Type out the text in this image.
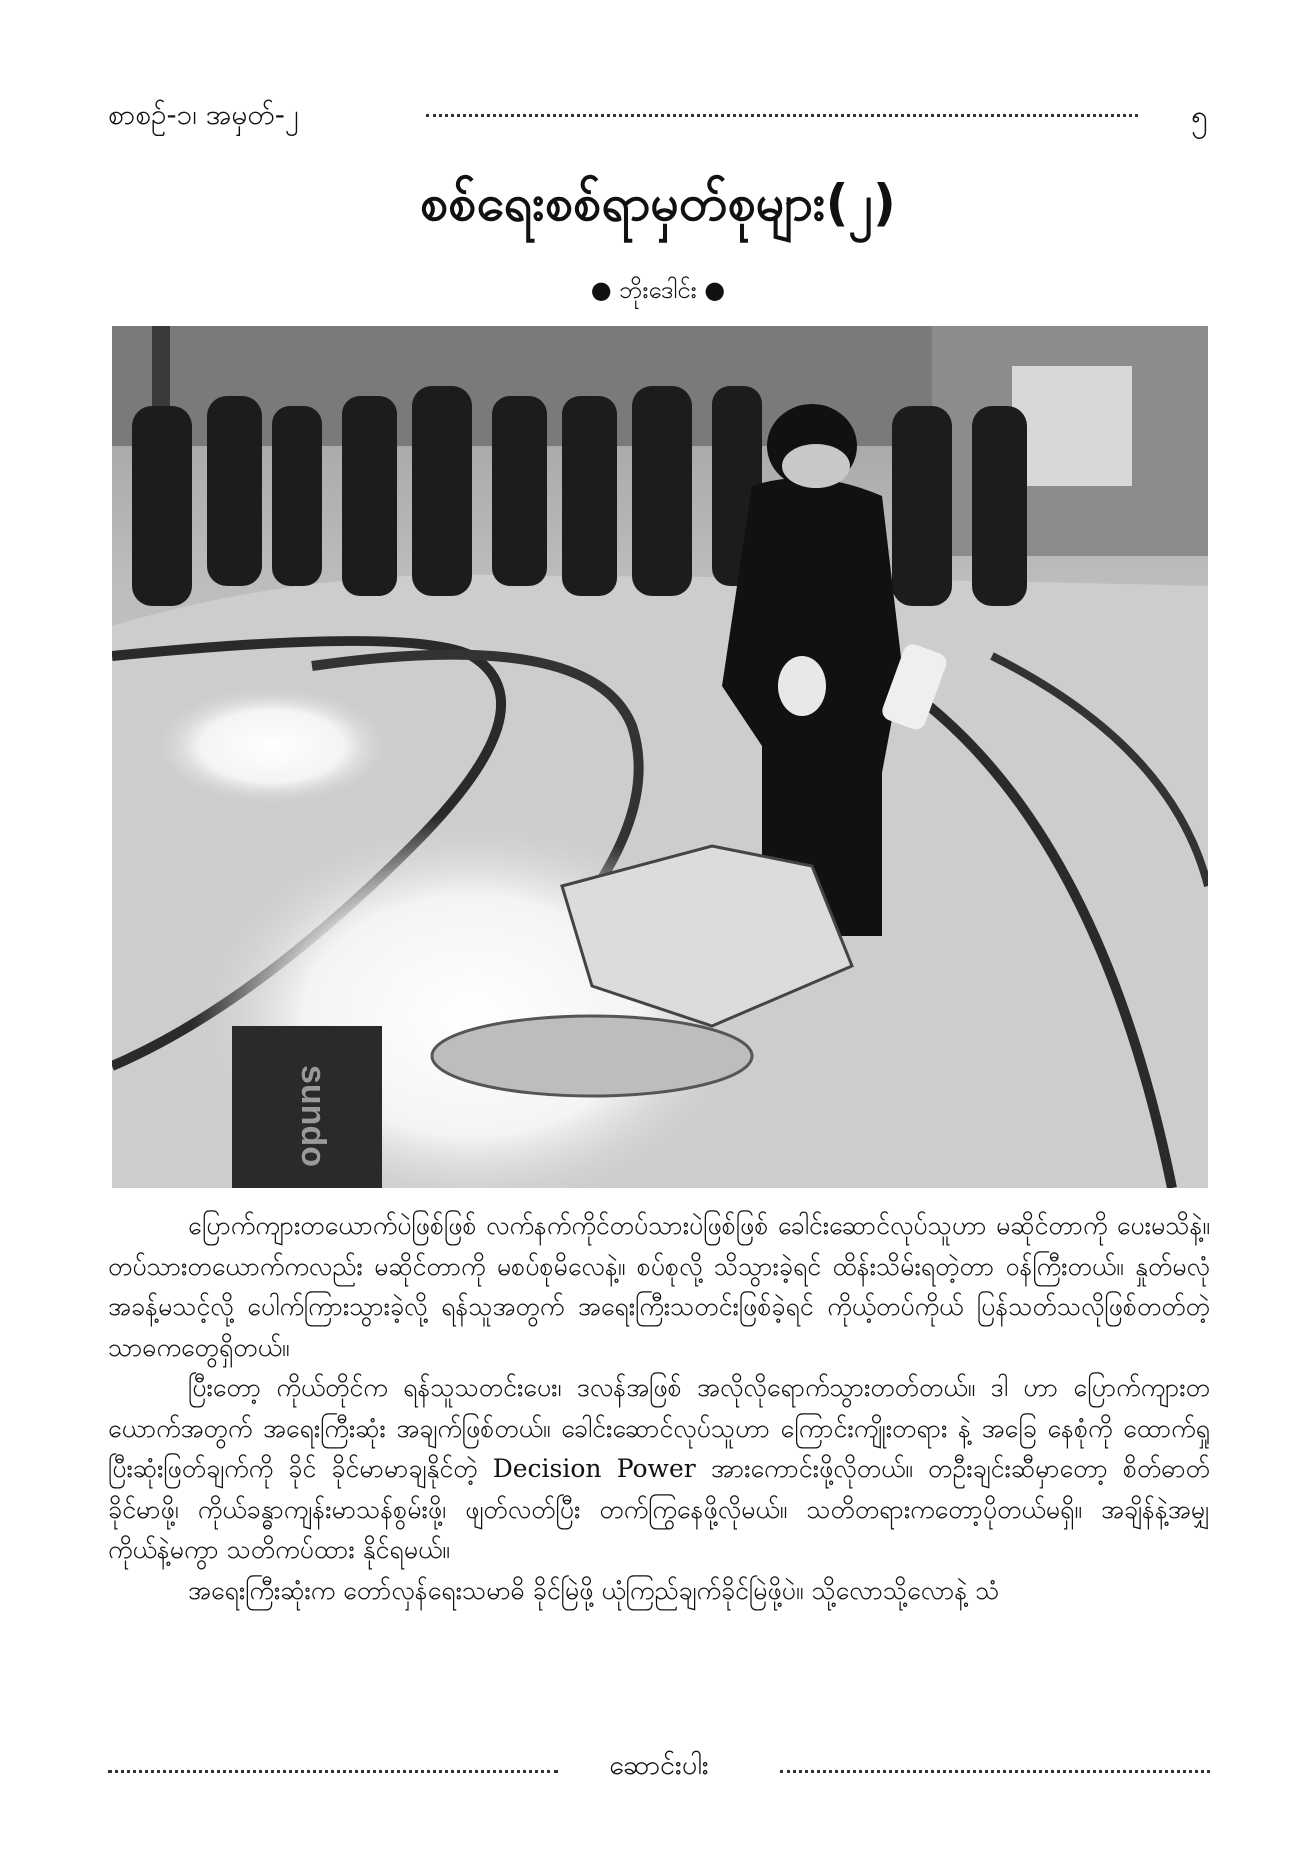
စာစဥ်-၁၊ အမှတ်-၂	၅
စစ်ရေးစစ်ရာမှတ်စုများ(၂)
● ဘိုးဒေါင်း ●
sundo

ပြောက်ကျားတယောက်ပဲဖြစ်ဖြစ် လက်နက်ကိုင်တပ်သားပဲဖြစ်ဖြစ် ခေါင်းဆောင်လုပ်သူဟာ မဆိုင်တာကို ပေးမသိနဲ့။ တပ်သားတယောက်ကလည်း မဆိုင်တာကို မစပ်စုမိလေနဲ့။ စပ်စုလို့ သိသွားခဲ့ရင် ထိန်းသိမ်းရတဲ့တာ ဝန်ကြီးတယ်။ နှုတ်မလုံ အခန့်မသင့်လို့ ပေါက်ကြားသွားခဲ့လို့ ရန်သူအတွက် အရေးကြီးသတင်းဖြစ်ခဲ့ရင် ကိုယ့်တပ်ကိုယ် ပြန်သတ်သလိုဖြစ်တတ်တဲ့ သာဓကတွေရှိတယ်။

ပြီးတော့ ကိုယ်တိုင်က ရန်သူသတင်းပေး၊ ဒလန်အဖြစ် အလိုလိုရောက်သွားတတ်တယ်။ ဒါ ဟာ ပြောက်ကျားတယောက်အတွက် အရေးကြီးဆုံး အချက်ဖြစ်တယ်။ ခေါင်းဆောင်လုပ်သူဟာ ကြောင်းကျိုးတရား နဲ့ အခြေ နေစုံကို ထောက်ရှုပြီးဆုံးဖြတ်ချက်ကို ခိုင် ခိုင်မာမာချနိုင်တဲ့ Decision Power အားကောင်းဖို့လိုတယ်။ တဦးချင်းဆီမှာတော့ စိတ်ဓာတ်ခိုင်မာဖို့၊ ကိုယ်ခန္ဓာကျန်းမာသန်စွမ်းဖို့၊ ဖျတ်လတ်ပြီး တက်ကြွနေဖို့လိုမယ်။ သတိတရားကတော့ပိုတယ်မရှိ။ အချိန်နဲ့အမျှ ကိုယ်နဲ့မကွာ သတိကပ်ထား နိုင်ရမယ်။

အရေးကြီးဆုံးက တော်လှန်ရေးသမာဓိ ခိုင်မြဲဖို့ ယုံကြည်ချက်ခိုင်မြဲဖို့ပဲ။ သို့လောသို့လောနဲ့ သံ

ဆောင်းပါး
